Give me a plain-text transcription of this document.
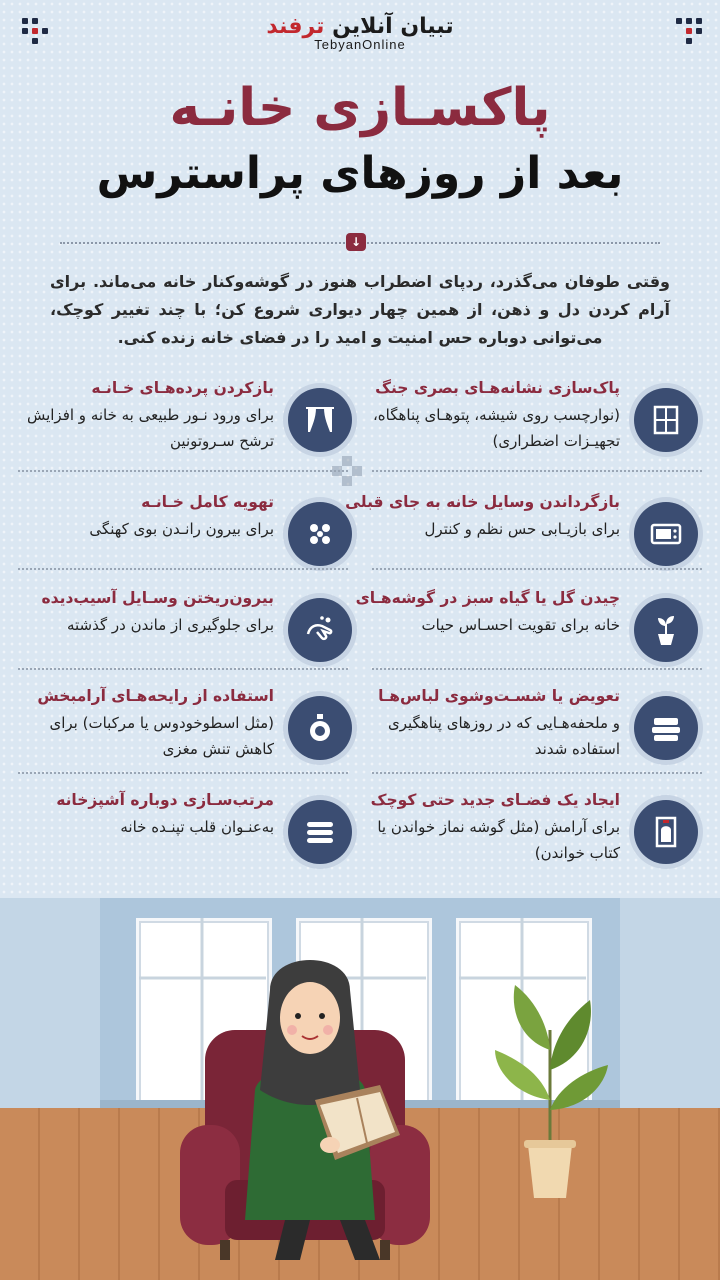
تبیان آنلاین ترفند
TebyanOnline
پاکسـازی خانـه
بعد از روزهای پراسترس
↓
وقتی طوفان می‌گذرد، ردپای اضطراب هنوز در گوشه‌وکنار خانه می‌ماند. برای آرام کردن دل و ذهن، از همین چهار دیواری شروع کن؛ با چند تغییر کوچک، می‌توانی دوباره حس امنیت و امید را در فضای خانه زنده کنی.
پاک‌سازی نشانه‌هـای بصری جنگ
(نوارچسب روی شیشه، پتوهـای پناهگاه، تجهیـزات اضطراری)
بازگرداندن وسایل خانه به جای قبلی
برای بازیـابی حس نظم و کنترل
چیدن گل یا گیاه سبز در گوشه‌هـای
خانه برای تقویت احسـاس حیات
تعویض یا شسـت‌وشوی لباس‌هـا
و ملحفه‌هـایی که در روزهای پناهگیری استفاده شدند
ایجاد یک فضـای جدید حتی کوچک
برای آرامش (مثل گوشه نماز خواندن یا کتاب خواندن)
بازکردن پرده‌هـای خـانـه
برای ورود نـور طبیعی به خانه و افزایش ترشح سـروتونین
تهویه کامل خـانـه
برای بیرون رانـدن بوی کهنگی
بیرون‌ریختن وسـایل آسیب‌دیده
برای جلوگیری از ماندن در گذشته
استفاده از رایحه‌هـای آرامبخش
(مثل اسطوخودوس یا مرکبات) برای کاهش تنش مغزی
مرتب‌سـازی دوباره آشپزخانه
به‌عنـوان قلب تپنـده خانه
